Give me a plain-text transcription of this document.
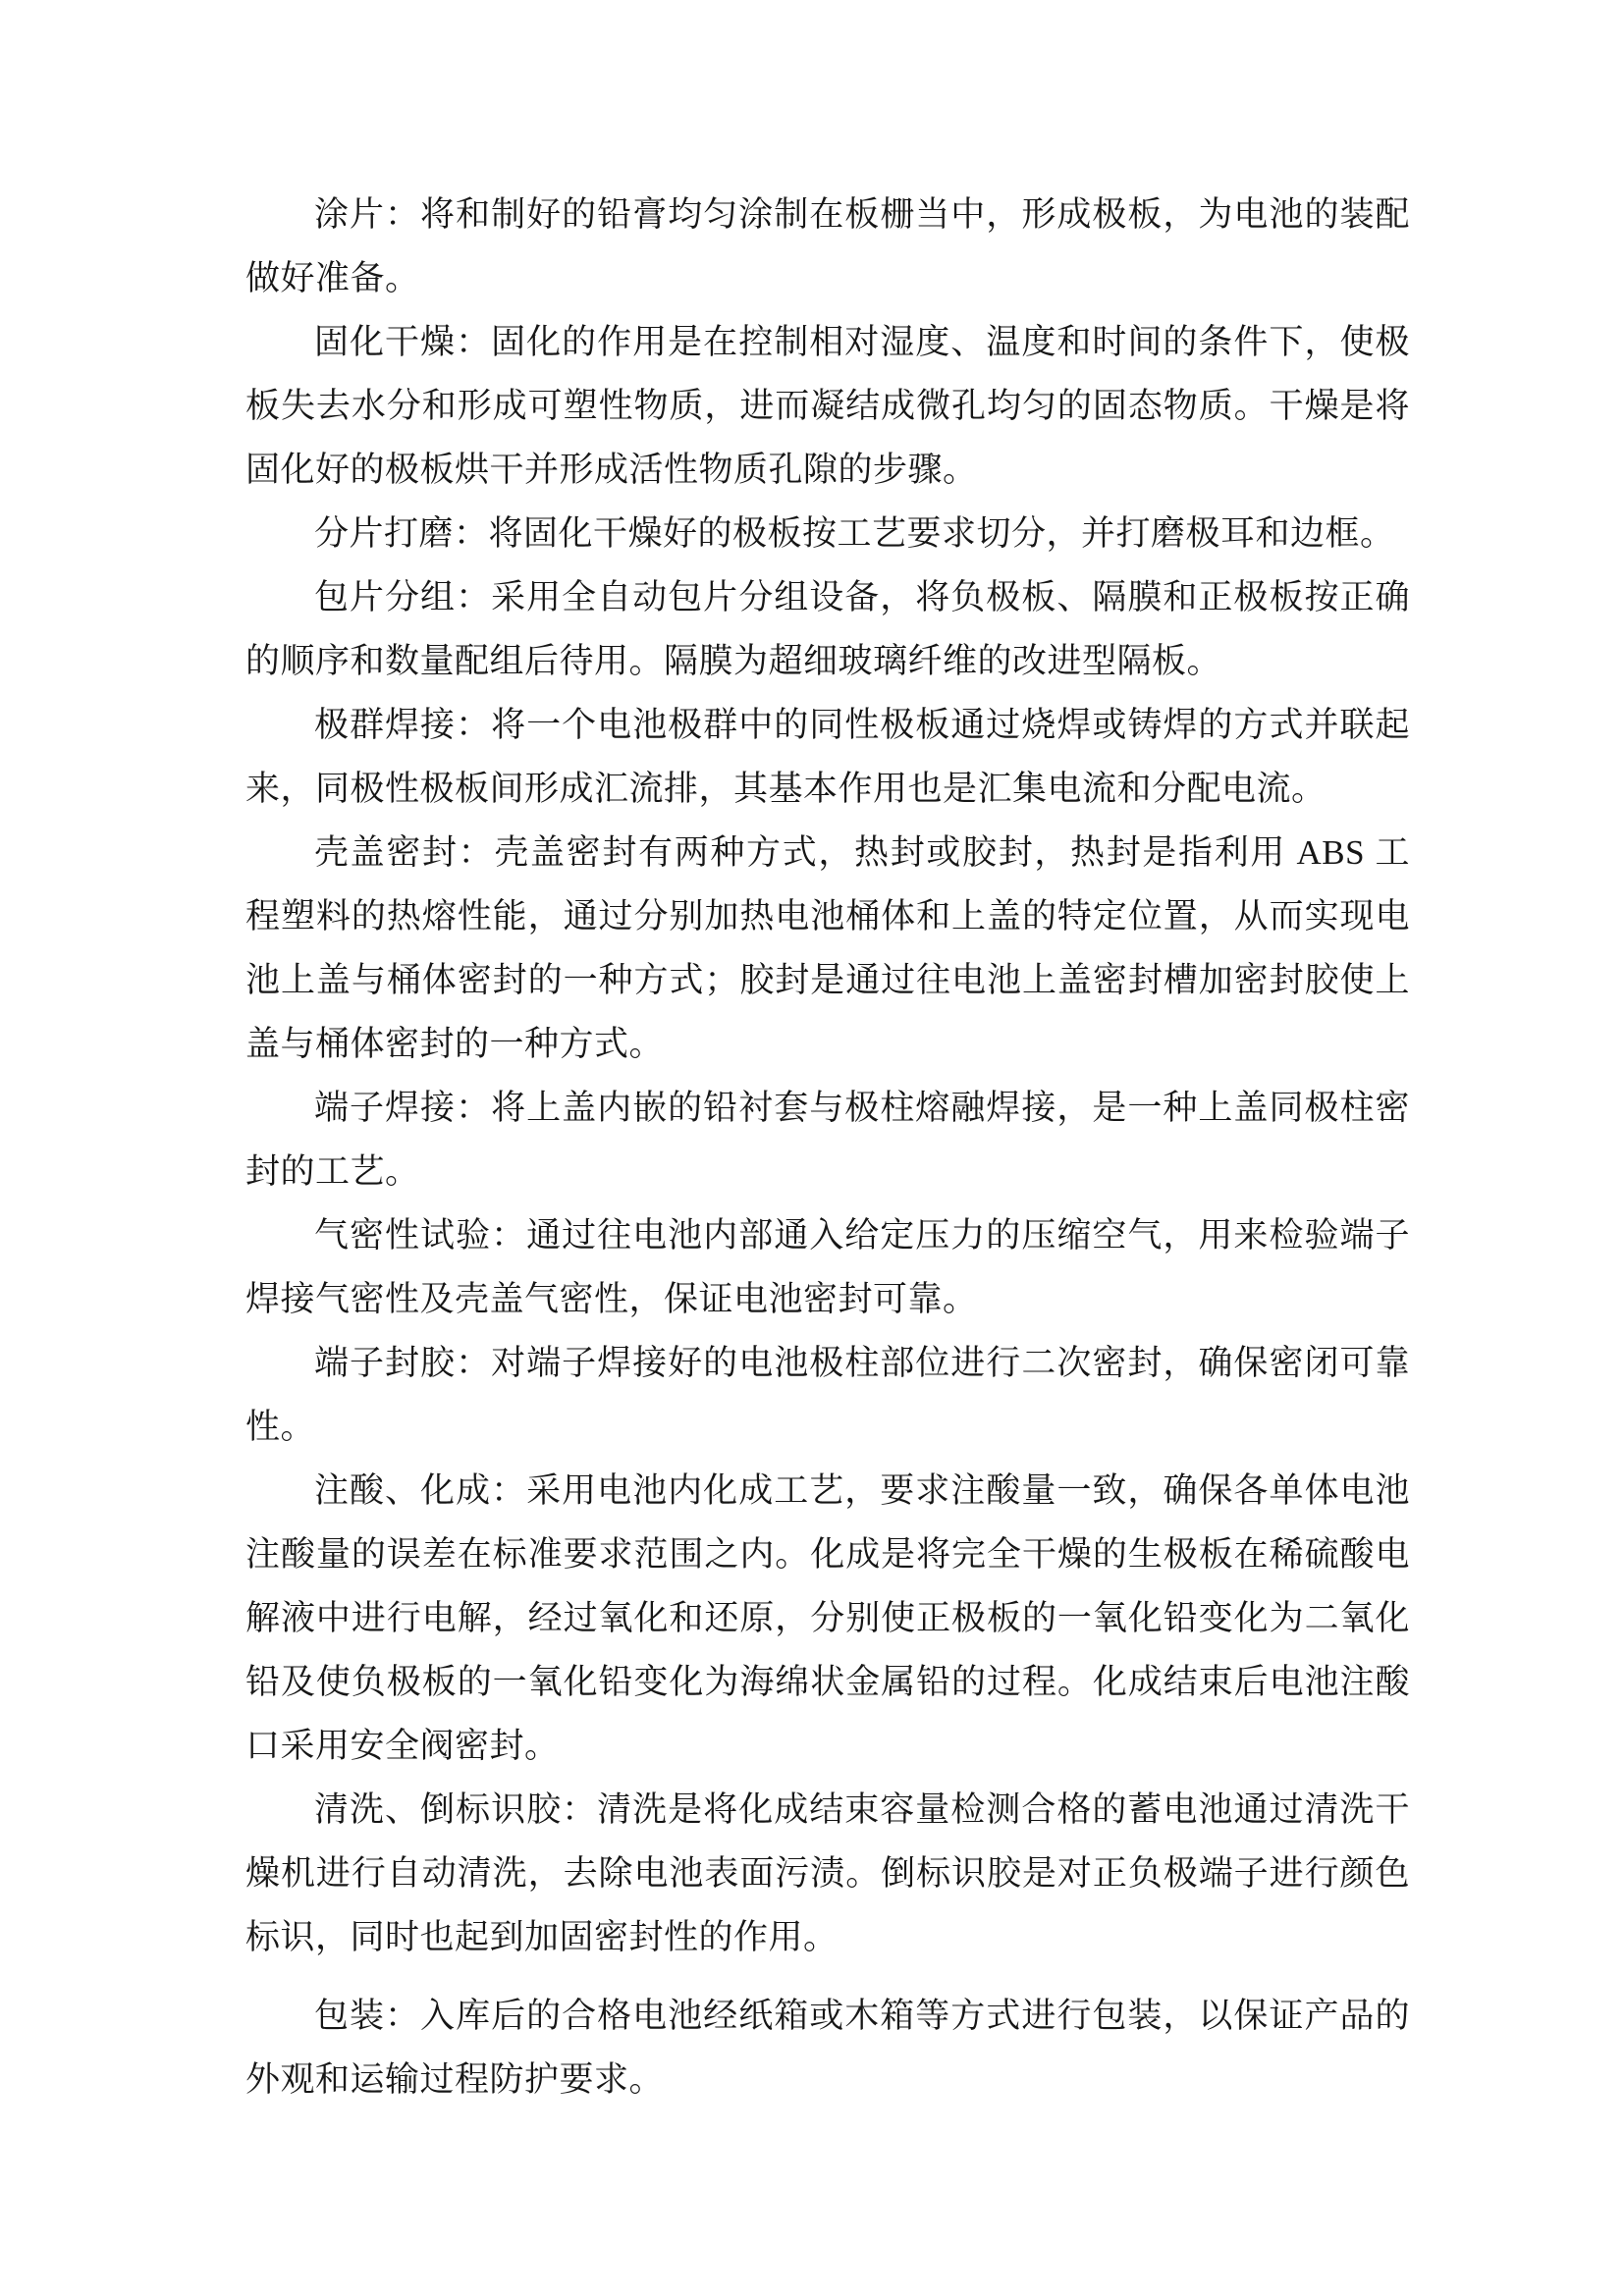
涂片：将和制好的铅膏均匀涂制在板栅当中，形成极板，为电池的装配做好准备。

固化干燥：固化的作用是在控制相对湿度、温度和时间的条件下，使极板失去水分和形成可塑性物质，进而凝结成微孔均匀的固态物质。干燥是将固化好的极板烘干并形成活性物质孔隙的步骤。

分片打磨：将固化干燥好的极板按工艺要求切分，并打磨极耳和边框。

包片分组：采用全自动包片分组设备，将负极板、隔膜和正极板按正确的顺序和数量配组后待用。隔膜为超细玻璃纤维的改进型隔板。

极群焊接：将一个电池极群中的同性极板通过烧焊或铸焊的方式并联起来，同极性极板间形成汇流排，其基本作用也是汇集电流和分配电流。

壳盖密封：壳盖密封有两种方式，热封或胶封，热封是指利用 ABS 工程塑料的热熔性能，通过分别加热电池桶体和上盖的特定位置，从而实现电池上盖与桶体密封的一种方式；胶封是通过往电池上盖密封槽加密封胶使上盖与桶体密封的一种方式。

端子焊接：将上盖内嵌的铅衬套与极柱熔融焊接，是一种上盖同极柱密封的工艺。

气密性试验：通过往电池内部通入给定压力的压缩空气，用来检验端子焊接气密性及壳盖气密性，保证电池密封可靠。

端子封胶：对端子焊接好的电池极柱部位进行二次密封，确保密闭可靠性。

注酸、化成：采用电池内化成工艺，要求注酸量一致，确保各单体电池注酸量的误差在标准要求范围之内。化成是将完全干燥的生极板在稀硫酸电解液中进行电解，经过氧化和还原，分别使正极板的一氧化铅变化为二氧化铅及使负极板的一氧化铅变化为海绵状金属铅的过程。化成结束后电池注酸口采用安全阀密封。

清洗、倒标识胶：清洗是将化成结束容量检测合格的蓄电池通过清洗干燥机进行自动清洗，去除电池表面污渍。倒标识胶是对正负极端子进行颜色标识，同时也起到加固密封性的作用。

包装：入库后的合格电池经纸箱或木箱等方式进行包装，以保证产品的外观和运输过程防护要求。
